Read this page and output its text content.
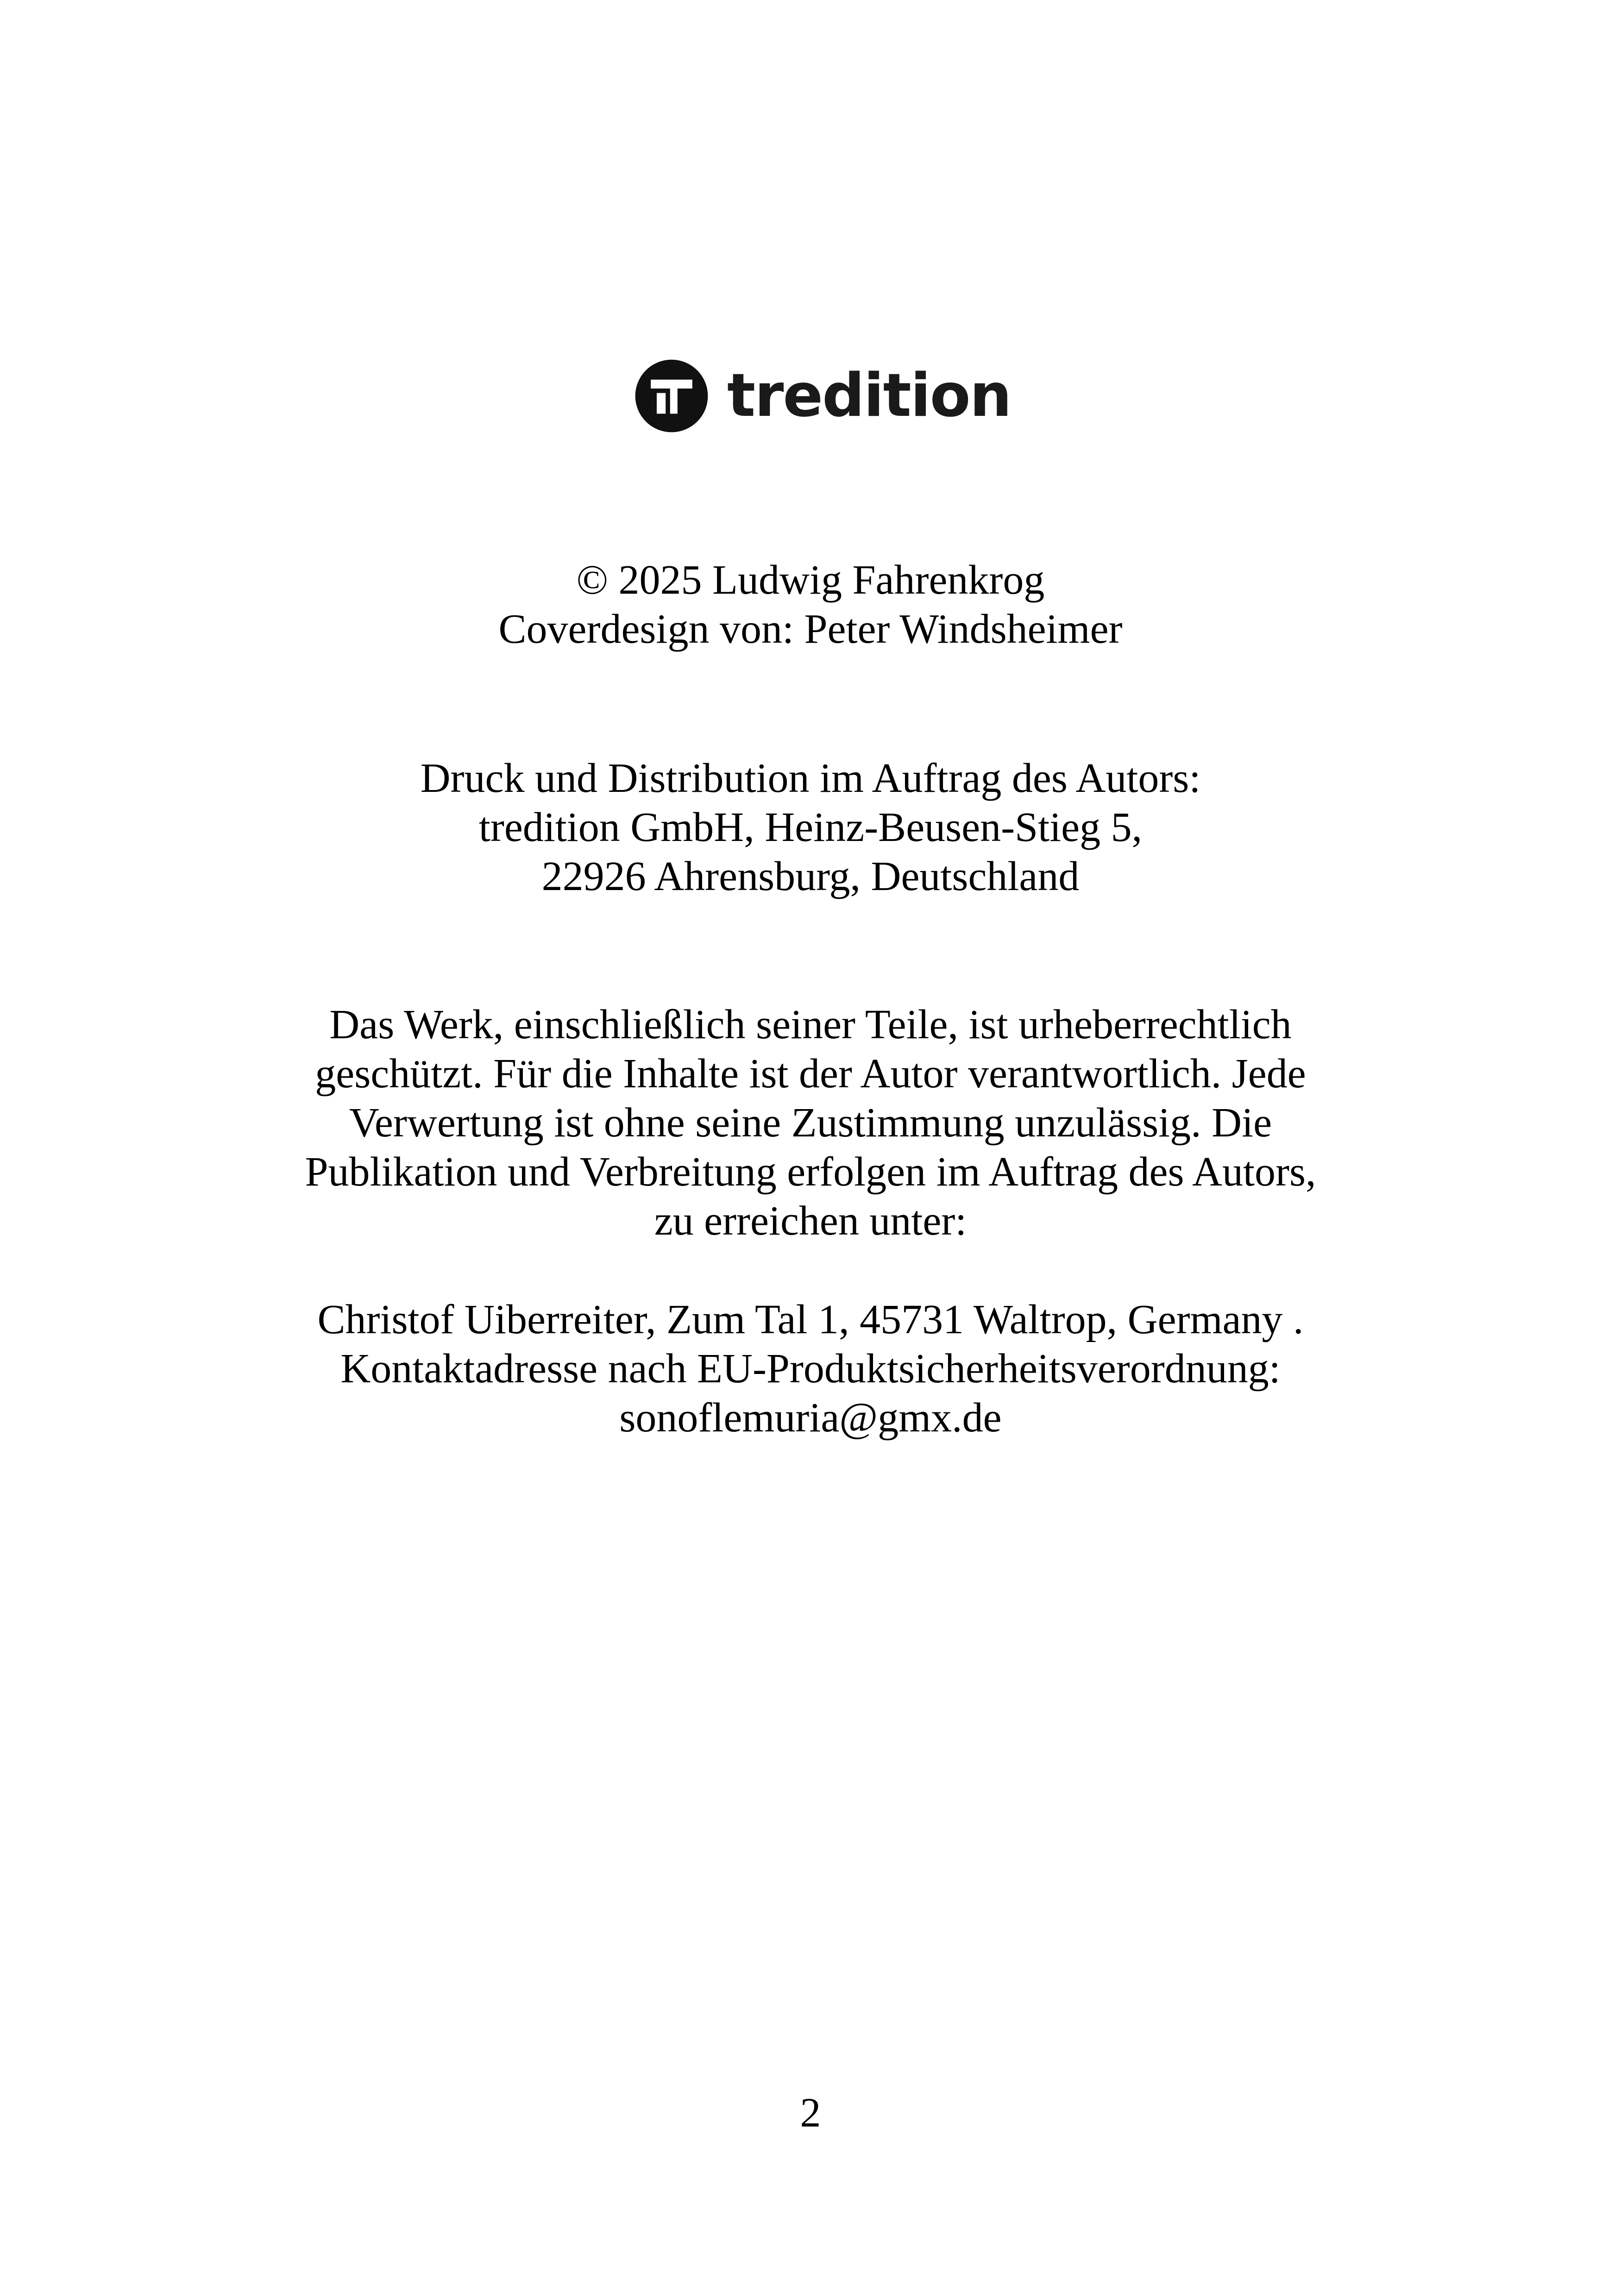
tredition
© 2025 Ludwig Fahrenkrog
Coverdesign von: Peter Windsheimer
Druck und Distribution im Auftrag des Autors:
tredition GmbH, Heinz-Beusen-Stieg 5,
22926 Ahrensburg, Deutschland
Das Werk, einschließlich seiner Teile, ist urheberrechtlich
geschützt. Für die Inhalte ist der Autor verantwortlich. Jede
Verwertung ist ohne seine Zustimmung unzulässig. Die
Publikation und Verbreitung erfolgen im Auftrag des Autors,
zu erreichen unter:
Christof Uiberreiter, Zum Tal 1, 45731 Waltrop, Germany .
Kontaktadresse nach EU-Produktsicherheitsverordnung:
sonoflemuria@gmx.de
2
